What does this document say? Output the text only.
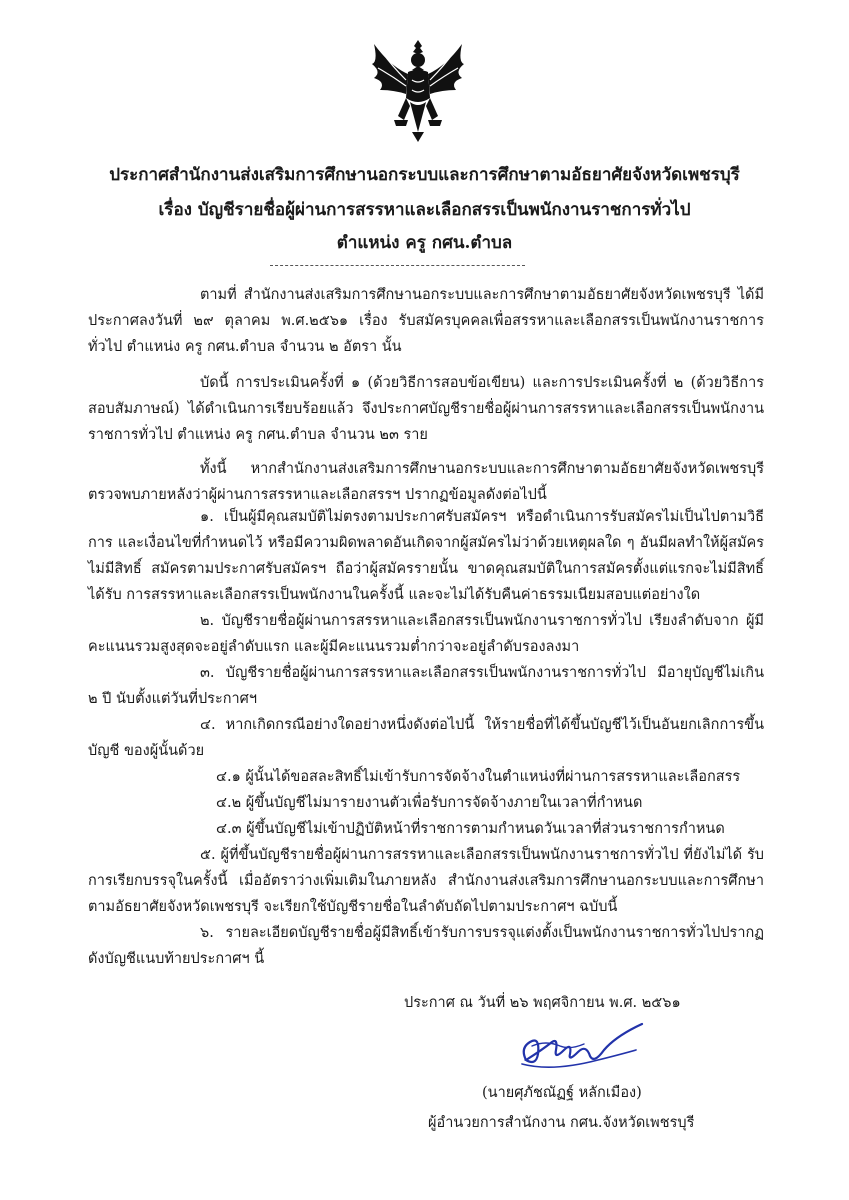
ประกาศสำนักงานส่งเสริมการศึกษานอกระบบและการศึกษาตามอัธยาศัยจังหวัดเพชรบุรี
เรื่อง บัญชีรายชื่อผู้ผ่านการสรรหาและเลือกสรรเป็นพนักงานราชการทั่วไป
ตำแหน่ง ครู กศน.ตำบล

ตามที่ สำนักงานส่งเสริมการศึกษานอกระบบและการศึกษาตามอัธยาศัยจังหวัดเพชรบุรี ได้มีประกาศลงวันที่ ๒๙ ตุลาคม พ.ศ.๒๕๖๑ เรื่อง รับสมัครบุคคลเพื่อสรรหาและเลือกสรรเป็นพนักงานราชการทั่วไป ตำแหน่ง ครู กศน.ตำบล จำนวน ๒ อัตรา นั้น

บัดนี้ การประเมินครั้งที่ ๑ (ด้วยวิธีการสอบข้อเขียน) และการประเมินครั้งที่ ๒ (ด้วยวิธีการสอบสัมภาษณ์) ได้ดำเนินการเรียบร้อยแล้ว จึงประกาศบัญชีรายชื่อผู้ผ่านการสรรหาและเลือกสรรเป็นพนักงานราชการทั่วไป ตำแหน่ง ครู กศน.ตำบล จำนวน ๒๓ ราย

ทั้งนี้ หากสำนักงานส่งเสริมการศึกษานอกระบบและการศึกษาตามอัธยาศัยจังหวัดเพชรบุรี ตรวจพบภายหลังว่าผู้ผ่านการสรรหาและเลือกสรรฯ ปรากฏข้อมูลดังต่อไปนี้

๑. เป็นผู้มีคุณสมบัติไม่ตรงตามประกาศรับสมัครฯ หรือดำเนินการรับสมัครไม่เป็นไปตามวิธีการ และเงื่อนไขที่กำหนดไว้ หรือมีความผิดพลาดอันเกิดจากผู้สมัครไม่ว่าด้วยเหตุผลใด ๆ อันมีผลทำให้ผู้สมัครไม่มีสิทธิ์ สมัครตามประกาศรับสมัครฯ ถือว่าผู้สมัครรายนั้น ขาดคุณสมบัติในการสมัครตั้งแต่แรกจะไม่มีสิทธิ์ได้รับ การสรรหาและเลือกสรรเป็นพนักงานในครั้งนี้ และจะไม่ได้รับคืนค่าธรรมเนียมสอบแต่อย่างใด

๒. บัญชีรายชื่อผู้ผ่านการสรรหาและเลือกสรรเป็นพนักงานราชการทั่วไป เรียงลำดับจาก ผู้มีคะแนนรวมสูงสุดจะอยู่ลำดับแรก และผู้มีคะแนนรวมต่ำกว่าจะอยู่ลำดับรองลงมา

๓. บัญชีรายชื่อผู้ผ่านการสรรหาและเลือกสรรเป็นพนักงานราชการทั่วไป มีอายุบัญชีไม่เกิน ๒ ปี นับตั้งแต่วันที่ประกาศฯ

๔. หากเกิดกรณีอย่างใดอย่างหนึ่งดังต่อไปนี้ ให้รายชื่อที่ได้ขึ้นบัญชีไว้เป็นอันยกเลิกการขึ้นบัญชี ของผู้นั้นด้วย

๔.๑ ผู้นั้นได้ขอสละสิทธิ์ไม่เข้ารับการจัดจ้างในตำแหน่งที่ผ่านการสรรหาและเลือกสรร

๔.๒ ผู้ขึ้นบัญชีไม่มารายงานตัวเพื่อรับการจัดจ้างภายในเวลาที่กำหนด

๔.๓ ผู้ขึ้นบัญชีไม่เข้าปฏิบัติหน้าที่ราชการตามกำหนดวันเวลาที่ส่วนราชการกำหนด

๕. ผู้ที่ขึ้นบัญชีรายชื่อผู้ผ่านการสรรหาและเลือกสรรเป็นพนักงานราชการทั่วไป ที่ยังไม่ได้ รับการเรียกบรรจุในครั้งนี้ เมื่ออัตราว่างเพิ่มเติมในภายหลัง สำนักงานส่งเสริมการศึกษานอกระบบและการศึกษา ตามอัธยาศัยจังหวัดเพชรบุรี จะเรียกใช้บัญชีรายชื่อในลำดับถัดไปตามประกาศฯ ฉบับนี้

๖. รายละเอียดบัญชีรายชื่อผู้มีสิทธิ์เข้ารับการบรรจุแต่งตั้งเป็นพนักงานราชการทั่วไปปรากฏ ดังบัญชีแนบท้ายประกาศฯ นี้

ประกาศ ณ วันที่ ๒๖ พฤศจิกายน พ.ศ. ๒๕๖๑

(นายศุภัชณัฏฐ์ หลักเมือง)

ผู้อำนวยการสำนักงาน กศน.จังหวัดเพชรบุรี
